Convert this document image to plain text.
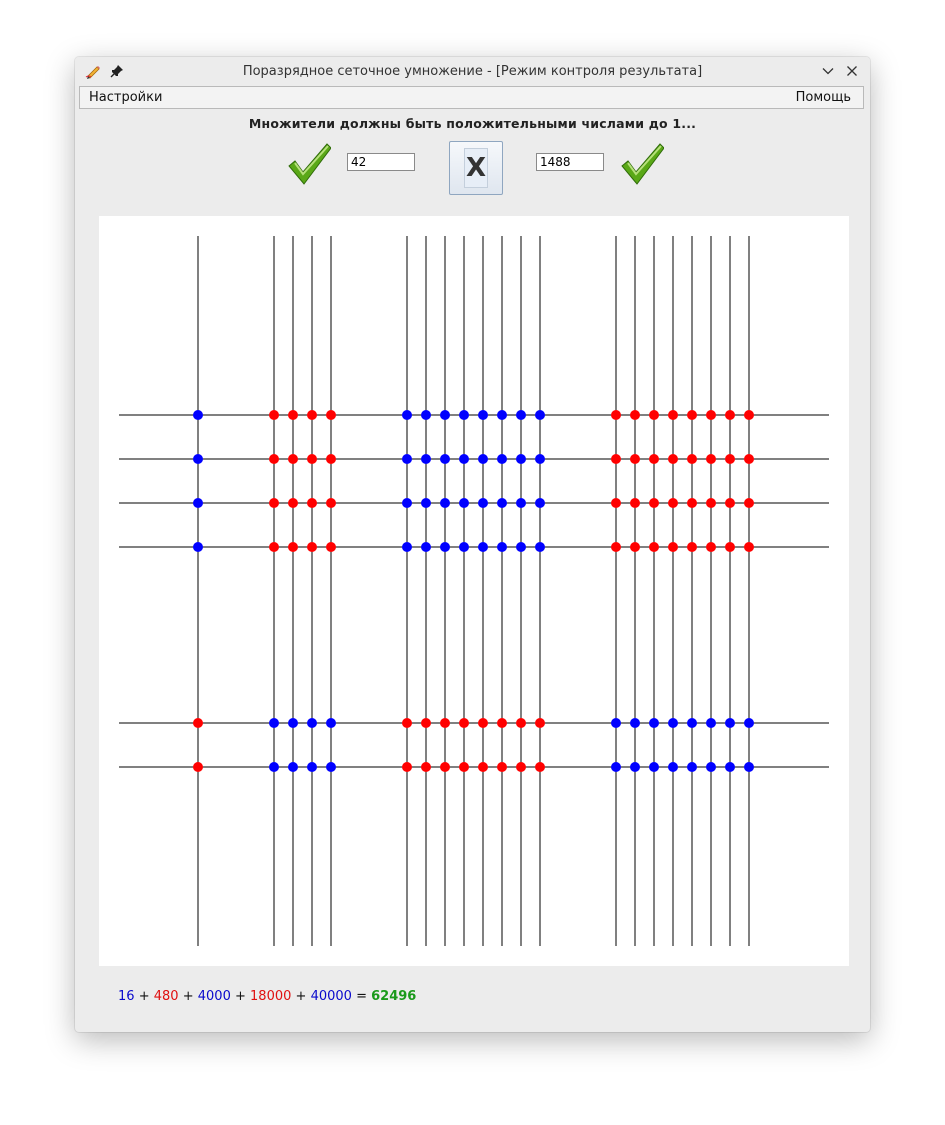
Поразрядное сеточное умножение - [Режим контроля результата]
Настройки	Помощь
Множители должны быть положительными числами до 1...
42
X
1488
16 + 480 + 4000 + 18000 + 40000 = 62496
